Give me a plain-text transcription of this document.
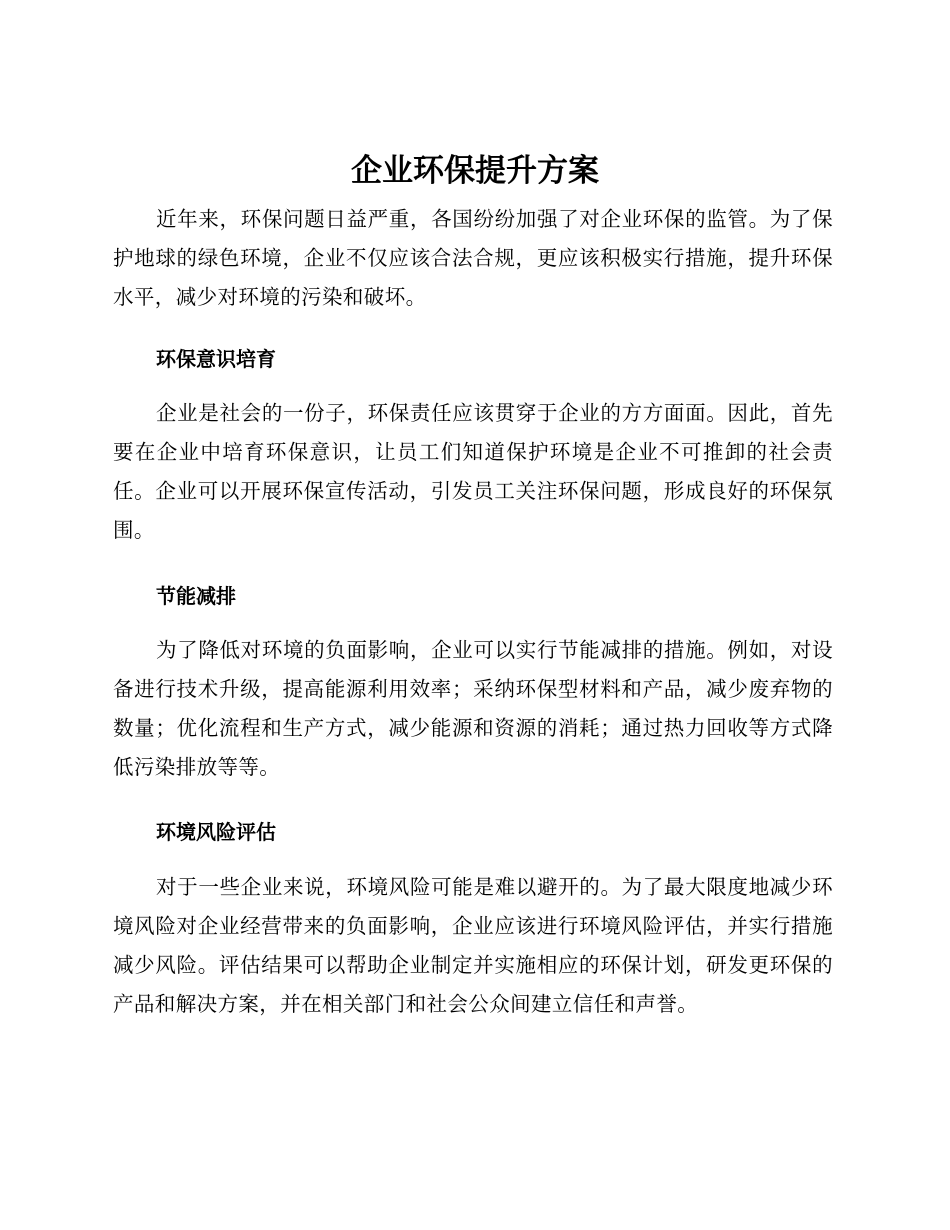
企业环保提升方案

近年来，环保问题日益严重，各国纷纷加强了对企业环保的监管。为了保护地球的绿色环境，企业不仅应该合法合规，更应该积极实行措施，提升环保水平，减少对环境的污染和破坏。

环保意识培育

企业是社会的一份子，环保责任应该贯穿于企业的方方面面。因此，首先要在企业中培育环保意识，让员工们知道保护环境是企业不可推卸的社会责任。企业可以开展环保宣传活动，引发员工关注环保问题，形成良好的环保氛围。

节能减排

为了降低对环境的负面影响，企业可以实行节能减排的措施。例如，对设备进行技术升级，提高能源利用效率；采纳环保型材料和产品，减少废弃物的数量；优化流程和生产方式，减少能源和资源的消耗；通过热力回收等方式降低污染排放等等。

环境风险评估

对于一些企业来说，环境风险可能是难以避开的。为了最大限度地减少环境风险对企业经营带来的负面影响，企业应该进行环境风险评估，并实行措施减少风险。评估结果可以帮助企业制定并实施相应的环保计划，研发更环保的产品和解决方案，并在相关部门和社会公众间建立信任和声誉。
